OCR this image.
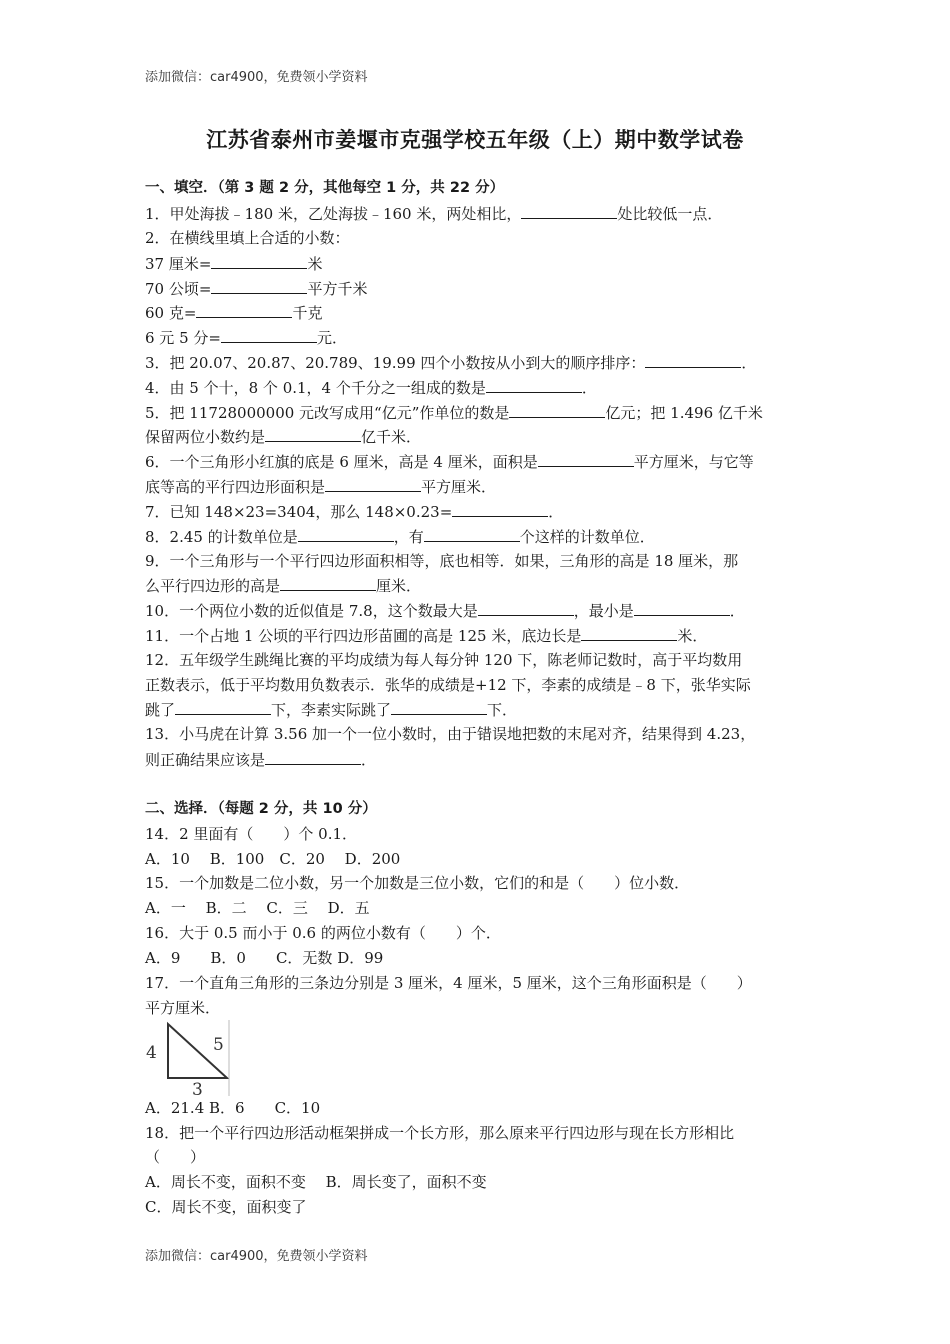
添加微信：car4900，免费领小学资料
江苏省泰州市姜堰市克强学校五年级（上）期中数学试卷
一、填空．（第 3 题 2 分，其他每空 1 分，共 22 分）
1．甲处海拔﹣180 米，乙处海拔﹣160 米，两处相比，	处比较低一点．
2．在横线里填上合适的小数：
37 厘米=	米
70 公顷=	平方千米
60 克=	千克
6 元 5 分=	元．
3．把 20.07、20.87、20.789、19.99 四个小数按从小到大的顺序排序：	．
4．由 5 个十，8 个 0.1，4 个千分之一组成的数是	．
5．把 11728000000 元改写成用“亿元”作单位的数是	亿元；把 1.496 亿千米
保留两位小数约是	亿千米．
6．一个三角形小红旗的底是 6 厘米，高是 4 厘米，面积是	平方厘米，与它等
底等高的平行四边形面积是	平方厘米．
7．已知 148×23=3404，那么 148×0.23=	．
8．2.45 的计数单位是	，有	个这样的计数单位．
9．一个三角形与一个平行四边形面积相等，底也相等．如果，三角形的高是 18 厘米，那
么平行四边形的高是	厘米．
10．一个两位小数的近似值是 7.8，这个数最大是	，最小是	．
11．一个占地 1 公顷的平行四边形苗圃的高是 125 米，底边长是	米．
12．五年级学生跳绳比赛的平均成绩为每人每分钟 120 下，陈老师记数时，高于平均数用
正数表示，低于平均数用负数表示．张华的成绩是+12 下，李素的成绩是﹣8 下，张华实际
跳了	下，李素实际跳了	下．
13．小马虎在计算 3.56 加一个一位小数时，由于错误地把数的末尾对齐，结果得到 4.23，
则正确结果应该是	．
二、选择．（每题 2 分，共 10 分）
14．2 里面有（　　）个 0.1．
A．10　 B．100　C．20　 D．200
15．一个加数是二位小数，另一个加数是三位小数，它们的和是（　　）位小数．
A．一　 B．二　 C．三　 D．五
16．大于 0.5 而小于 0.6 的两位小数有（　　）个．
A．9　　B．0　　C．无数 D．99
17．一个直角三角形的三条边分别是 3 厘米，4 厘米，5 厘米，这个三角形面积是（　　）
平方厘米．
4	5
3
A．21.4 B．6　　C．10
18．把一个平行四边形活动框架拼成一个长方形，那么原来平行四边形与现在长方形相比
（　　）
A．周长不变，面积不变　 B．周长变了，面积不变
C．周长不变，面积变了
添加微信：car4900，免费领小学资料
